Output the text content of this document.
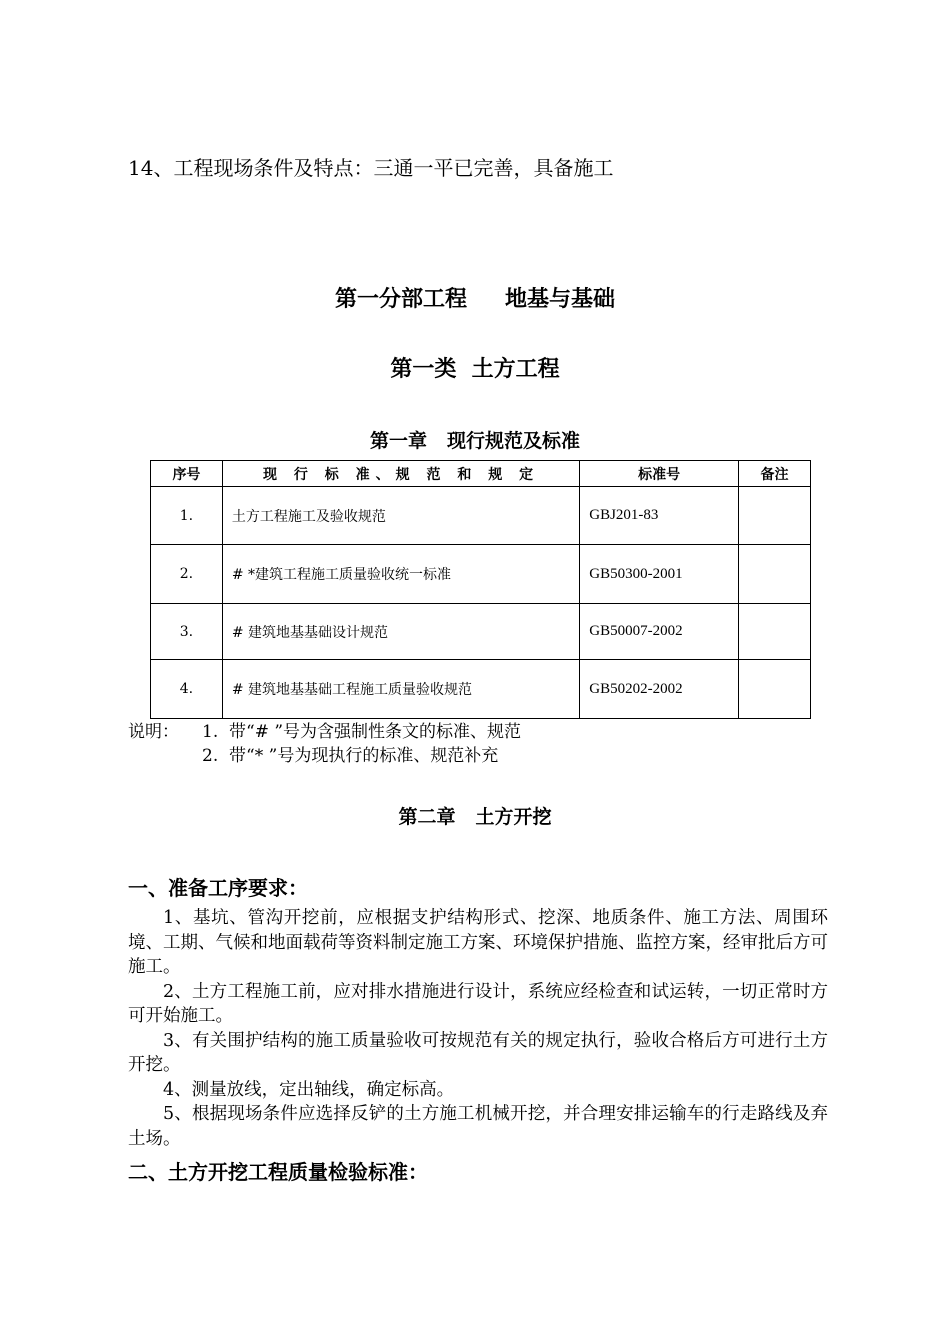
14、工程现场条件及特点：三通一平已完善，具备施工
第一分部工程 地基与基础
第一类  土方工程
第一章 现行规范及标准
序号	现 行 标 准、规 范 和 规 定	标准号	备注
1.	土方工程施工及验收规范	GBJ201-83	
2.	# *建筑工程施工质量验收统一标准	GB50300-2001	
3.	# 建筑地基基础设计规范	GB50007-2002	
4.	# 建筑地基基础工程施工质量验收规范	GB50202-2002	
说明： 1.  带“# ”号为含强制性条文的标准、规范
2.  带“* ”号为现执行的标准、规范补充
第二章 土方开挖
一、准备工序要求：

1、基坑、管沟开挖前，应根据支护结构形式、挖深、地质条件、施工方法、周围环境、工期、气候和地面载荷等资料制定施工方案、环境保护措施、监控方案，经审批后方可施工。

2、土方工程施工前，应对排水措施进行设计，系统应经检查和试运转，一切正常时方可开始施工。

3、有关围护结构的施工质量验收可按规范有关的规定执行，验收合格后方可进行土方开挖。

4、测量放线，定出轴线，确定标高。

5、根据现场条件应选择反铲的土方施工机械开挖，并合理安排运输车的行走路线及弃土场。

二、土方开挖工程质量检验标准：
